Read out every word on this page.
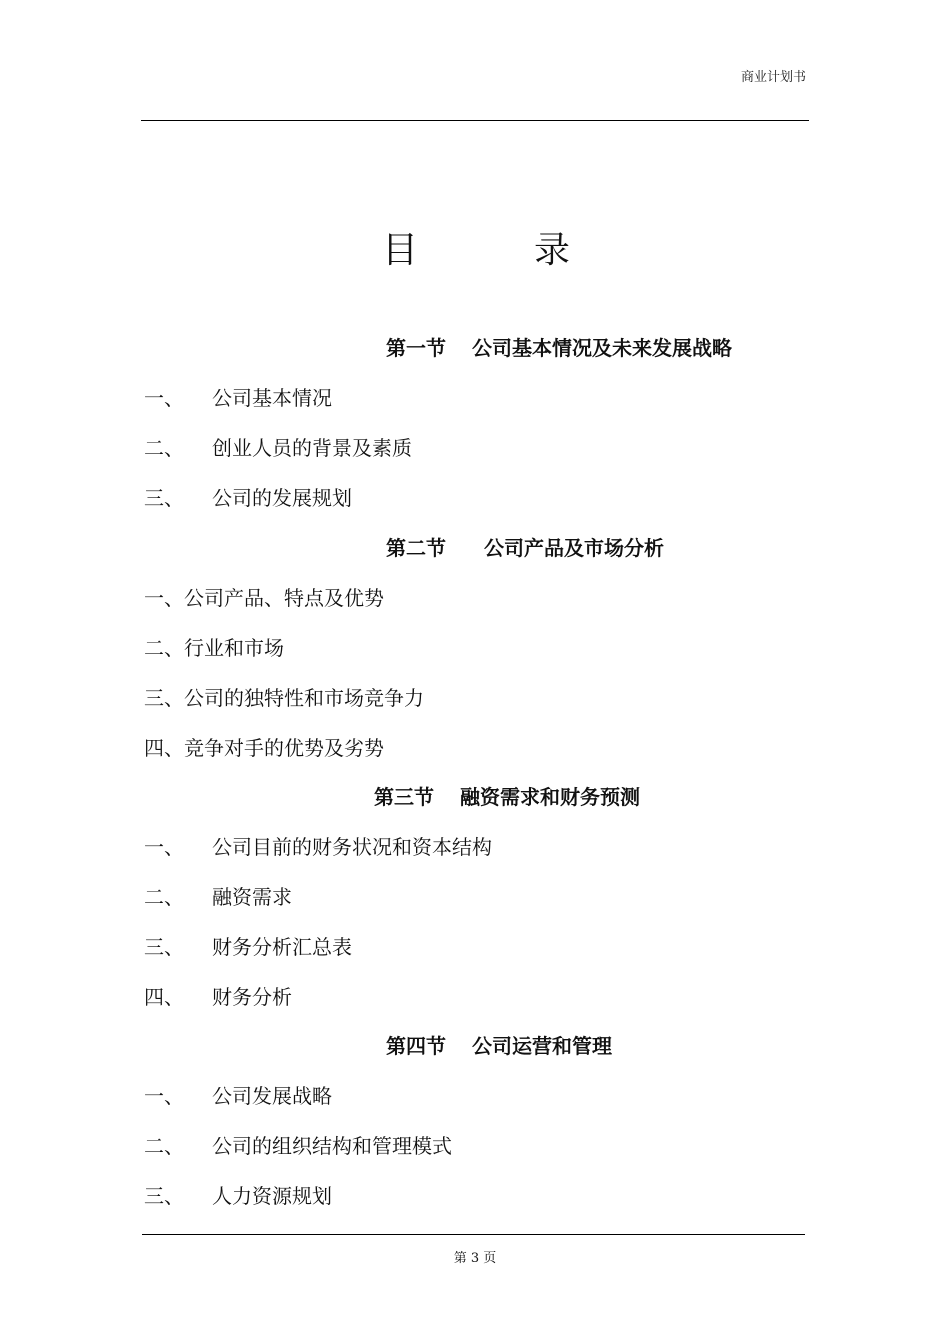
商业计划书
目	录
第一节 公司基本情况及未来发展战略
一、 公司基本情况
二、 创业人员的背景及素质
三、 公司的发展规划
第二节 公司产品及市场分析
一、公司产品、特点及优势
二、行业和市场
三、公司的独特性和市场竞争力
四、竞争对手的优势及劣势
第三节 融资需求和财务预测
一、 公司目前的财务状况和资本结构
二、 融资需求
三、 财务分析汇总表
四、 财务分析
第四节 公司运营和管理
一、 公司发展战略
二、 公司的组织结构和管理模式
三、 人力资源规划
第 3 页
